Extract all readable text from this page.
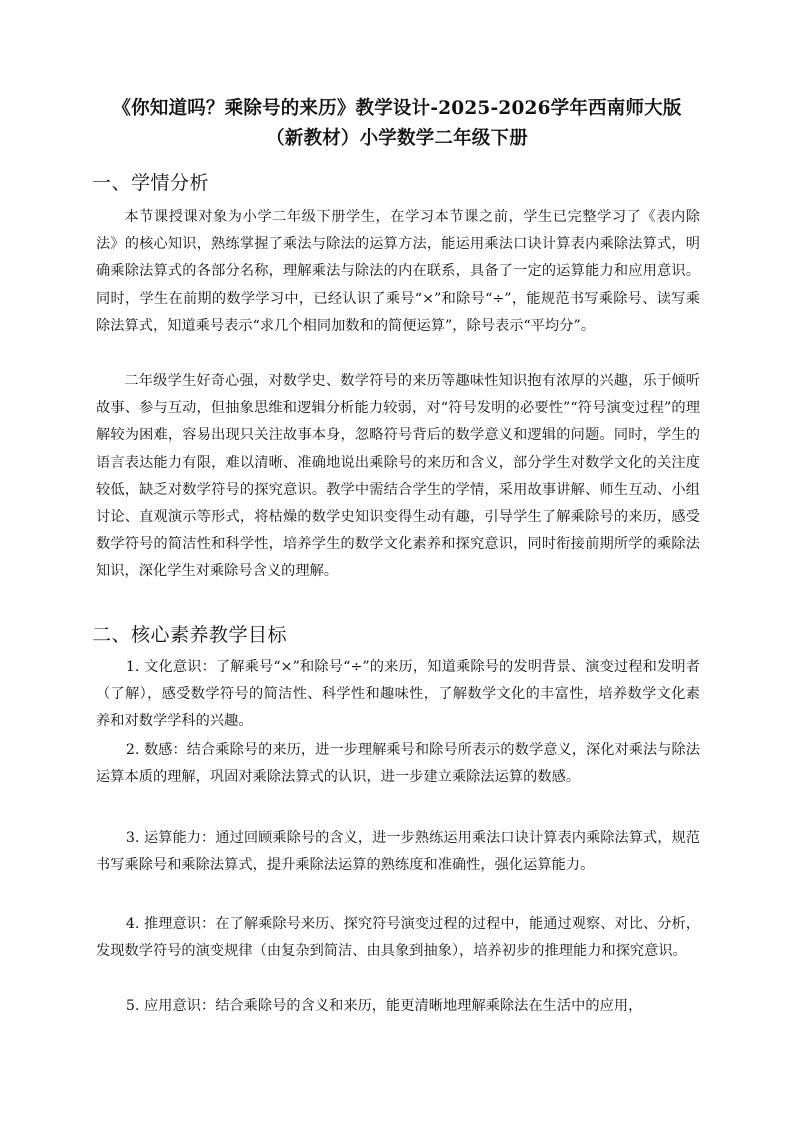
《你知道吗？乘除号的来历》教学设计-2025-2026学年西南师大版
（新教材）小学数学二年级下册
一、学情分析

本节课授课对象为小学二年级下册学生，在学习本节课之前，学生已完整学习了《表内除法》的核心知识，熟练掌握了乘法与除法的运算方法，能运用乘法口诀计算表内乘除法算式，明确乘除法算式的各部分名称，理解乘法与除法的内在联系，具备了一定的运算能力和应用意识。同时，学生在前期的数学学习中，已经认识了乘号“×”和除号“÷”，能规范书写乘除号、读写乘除法算式，知道乘号表示“求几个相同加数和的简便运算”，除号表示“平均分”。

二年级学生好奇心强，对数学史、数学符号的来历等趣味性知识抱有浓厚的兴趣，乐于倾听故事、参与互动，但抽象思维和逻辑分析能力较弱，对“符号发明的必要性”“符号演变过程”的理解较为困难，容易出现只关注故事本身，忽略符号背后的数学意义和逻辑的问题。同时，学生的语言表达能力有限，难以清晰、准确地说出乘除号的来历和含义，部分学生对数学文化的关注度较低，缺乏对数学符号的探究意识。教学中需结合学生的学情，采用故事讲解、师生互动、小组讨论、直观演示等形式，将枯燥的数学史知识变得生动有趣，引导学生了解乘除号的来历，感受数学符号的简洁性和科学性，培养学生的数学文化素养和探究意识，同时衔接前期所学的乘除法知识，深化学生对乘除号含义的理解。

二、核心素养教学目标

1. 文化意识：了解乘号“×”和除号“÷”的来历，知道乘除号的发明背景、演变过程和发明者（了解），感受数学符号的简洁性、科学性和趣味性，了解数学文化的丰富性，培养数学文化素养和对数学学科的兴趣。

2. 数感：结合乘除号的来历，进一步理解乘号和除号所表示的数学意义，深化对乘法与除法运算本质的理解，巩固对乘除法算式的认识，进一步建立乘除法运算的数感。

3. 运算能力：通过回顾乘除号的含义，进一步熟练运用乘法口诀计算表内乘除法算式，规范书写乘除号和乘除法算式，提升乘除法运算的熟练度和准确性，强化运算能力。

4. 推理意识：在了解乘除号来历、探究符号演变过程的过程中，能通过观察、对比、分析，发现数学符号的演变规律（由复杂到简洁、由具象到抽象），培养初步的推理能力和探究意识。

5. 应用意识：结合乘除号的含义和来历，能更清晰地理解乘除法在生活中的应用，
